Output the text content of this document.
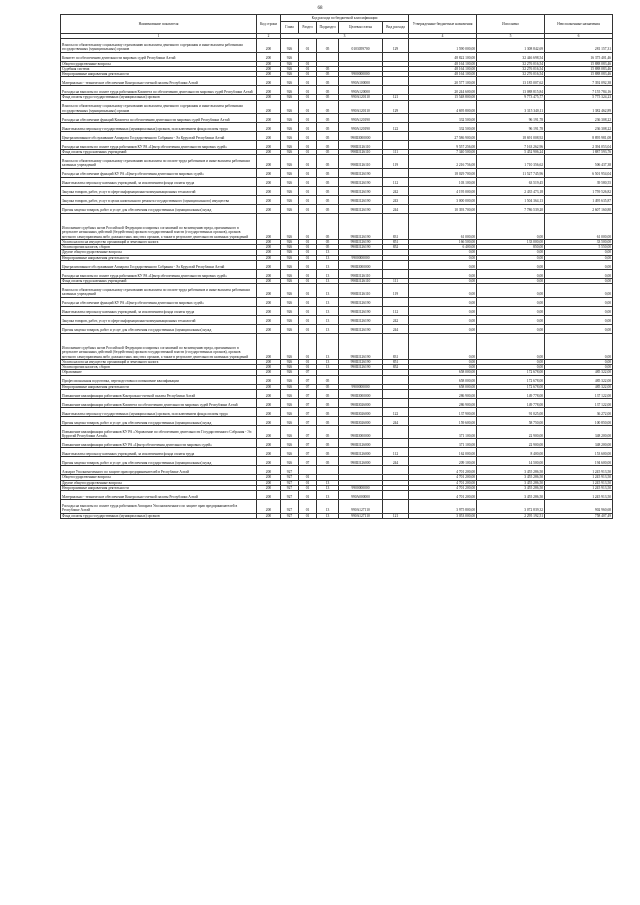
68
Наименование показателя	Код строки	Код расхода по бюджетной классификации					Утвержденные бюджетные назначения	Исполнено	Неисполненные назначения
		Глава	Раздел	Подраздел	Целевая статья	Вид расхода			
1	2	3					4	5	6
Взносы по обязательному социальному страхованию на выплаты денежного содержания и иные выплаты работникам государственных (муниципальных) органов	200	926	01	05	0103059700	129	1 590 000,00	1 308 842,69	281 157,31
Комитет по обеспечению деятельности мировых судей Республики Алтай	200	926					48 822 100,00	32 446 698,54	16 375 401,46
Общегосударственные вопросы	200	926	01				48 164 100,00	32 276 016,54	15 888 083,46
Судебная система	200	926	01	05			48 164 100,00	32 276 016,54	15 888 083,46
Непрограммные направления деятельности	200	926	01	05	9900000000		48 164 100,00	32 276 016,54	15 888 083,46
Материально - техническое обеспечение Контрольно-счетной палаты Республики Алтай	200	926	01	05	990А100000		20 577 100,00	13 185 007,62	7 392 092,38
Расходы на выплаты по оплате труда работников Комитета по обеспечению деятельности мировых судей Республики Алтай	200	926	01	05	990А120000		20 244 600,00	13 088 815,84	7 155 784,16
Фонд оплаты труда государственных (муниципальных) органов	200	926	01	05	990А120110	121	15 548 800,00	9 773 475,77	5 775 324,23
Взносы по обязательному социальному страхованию на выплаты денежного содержания и иные выплаты работникам государственных (муниципальных) органов	200	926	01	05	990А120110	129	4 695 800,00	3 315 340,11	1 382 462,89
Расходы на обеспечение функций Комитета по обеспечению деятельности мировых судей Республики Алтай	200	926	01	05	990А120190		332 500,00	96 191,78	236 308,22
Иные выплаты персоналу государственных (муниципальных) органов, за исключением фонда оплаты труда	200	926	01	05	990А120190	122	332 500,00	96 191,78	236 308,22
Централизованное обслуживание Аппарата Государственного Собрания - Эл Курултай Республики Алтай	200	926	01	05	990Ш000000		27 586 900,00	18 691 008,92	8 895 981,08
Расходы на выплаты по оплате труда работников КУ РА «Центр обеспечения деятельности мировых судей»	200	926	01	05	990Ш126110		9 557 256,00	7 163 262,96	2 394 053,04
Фонд оплаты труда казенных учреждений	200	926	01	05	990Ш126110	111	7 340 500,00	5 452 906,24	1 887 593,76
Взносы по обязательному социальному страхованию на выплаты по оплате труда работников и иные выплаты работникам казенных учреждений	200	926	01	05	990Ш126110	119	2 216 756,00	1 710 356,62	506 437,38
Расходы на обеспечение функций КУ РА «Центр обеспечения деятельности мировых судей»	200	926	01	05	990Ш126190		18 029 700,00	11 527 745,96	6 501 954,04
Иные выплаты персоналу казенных учреждений, за исключением фонда оплаты труда	200	926	01	05	990Ш126190	112	103 100,00	63 519,45	39 580,55
Закупка товаров, работ, услуг в сфере информационно-коммуникационных технологий	200	926	01	05	990Ш126190	242	4 195 000,00	2 435 473,18	1 759 526,82
Закупка товаров, работ, услуг в целях капитального ремонта государственного (муниципального) имущества	200	926	01	05	990Ш126190	243	3 000 000,00	1 504 364,13	1 495 635,87
Прочая закупка товаров, работ и услуг для обеспечения государственных (муниципальных) нужд	200	926	01	05	990Ш126190	244	10 393 700,00	7 786 539,20	2 607 160,80
Исполнение судебных актов Российской Федерации и мировых соглашений по возмещению вреда, причиненного в результате незаконных действий (бездействия) органов государственной власти (государственных органов), органов местного самоуправления либо должностных лиц этих органов, а также в результате деятельности казенных учреждений	200	926	01	05	990Ш126190	831	61 000,00	0,00	61 000,00
Уплата налога на имущество организаций и земельного налога	200	926	01	05	990Ш126190	851	166 500,00	133 000,00	33 500,00
Уплата прочих налогов, сборов	200	926	01	05	990Ш126190	852	6 400,00	850,00	5 550,00
Другие общегосударственные вопросы	200	926	01	13			0,00	0,00	0,00
Непрограммные направления деятельности	200	926	01	13	9900000000		0,00	0,00	0,00
Централизованное обслуживание Аппарата Государственного Собрания - Эл Курултай Республики Алтай	200	926	01	13	990Ш000000		0,00	0,00	0,00
Расходы на выплаты по оплате труда работников КУ РА «Центр обеспечения деятельности мировых судей»	200	926	01	13	990Ш126110		0,00	0,00	0,00
Фонд оплаты труда казенных учреждений	200	926	01	13	990Ш126110	111	0,00	0,00	0,00
Взносы по обязательному социальному страхованию на выплаты по оплате труда работников и иные выплаты работникам казенных учреждений	200	926	01	13	990Ш126110	119	0,00	0,00	0,00
Расходы на обеспечение функций КУ РА «Центр обеспечения деятельности мировых судей»	200	926	01	13	990Ш126190		0,00	0,00	0,00
Иные выплаты персоналу казенных учреждений, за исключением фонда оплаты труда	200	926	01	13	990Ш126190	112	0,00	0,00	0,00
Закупка товаров, работ, услуг в сфере информационно-коммуникационных технологий	200	926	01	13	990Ш126190	242	0,00	0,00	0,00
Прочая закупка товаров, работ и услуг для обеспечения государственных (муниципальных) нужд	200	926	01	13	990Ш126190	244	0,00	0,00	0,00
Исполнение судебных актов Российской Федерации и мировых соглашений по возмещению вреда, причиненного в результате незаконных действий (бездействия) органов государственной власти (государственных органов), органов местного самоуправления либо должностных лиц этих органов, а также в результате деятельности казенных учреждений	200	926	01	13	990Ш126190	831	0,00	0,00	0,00
Уплата налога на имущество организаций и земельного налога	200	926	01	13	990Ш126190	851	0,00	0,00	0,00
Уплата прочих налогов, сборов	200	926	01	13	990Ш126190	852	0,00	0,00	0,00
Образование	200	926	07				658 000,00	172 678,00	485 322,00
Профессиональная подготовка, переподготовка и повышение квалификации	200	926	07	05			658 000,00	172 678,00	485 322,00
Непрограммные направления деятельности	200	926	07	05	9900000000		658 000,00	172 678,00	485 322,00
Повышение квалификации работников Контрольно-счетной палаты Республики Алтай	200	926	07	05	990Ш000000		286 900,00	149 778,00	137 122,00
Повышение квалификации работников Комитета по обеспечению деятельности мировых судей Республики Алтай	200	926	07	05	990Ш026000		286 900,00	149 778,00	137 122,00
Иные выплаты персоналу государственных (муниципальных) органов, за исключением фонда оплаты труда	200	926	07	05	990Ш026000	122	137 900,00	91 025,00	36 272,00
Прочая закупка товаров, работ и услуг для обеспечения государственных (муниципальных) нужд	200	926	07	05	990Ш026000	244	159 600,00	58 750,00	100 850,00
Повышение квалификации работников КУ РА «Управление по обеспечению деятельности Государственного Собрания - Эл Курултай Республики Алтай»	200	926	07	05	990Ш000000		371 100,00	22 900,00	348 200,00
Повышение квалификации работников КУ РА «Центр обеспечения деятельности мировых судей»	200	926	07	05	990Ш126000		371 100,00	22 900,00	348 200,00
Иные выплаты персоналу казенных учреждений, за исключением фонда оплаты труда	200	926	07	05	990Ш126000	112	162 000,00	8 400,00	153 600,00
Прочая закупка товаров, работ и услуг для обеспечения государственных (муниципальных) нужд	200	926	07	05	990Ш126000	244	209 100,00	14 500,00	194 600,00
Аппарат Уполномоченного по защите прав предпринимателей в Республике Алтай	200	927					4 701 200,00	3 455 286,50	1 245 913,50
Общегосударственные вопросы	200	927	01				4 701 200,00	3 455 286,50	1 245 913,50
Другие общегосударственные вопросы	200	927	01	13			4 701 200,00	3 455 286,50	1 245 913,50
Непрограммные направления деятельности	200	927	01	13	9900000000		4 701 200,00	3 455 286,50	1 245 913,50
Материально - техническое обеспечение Контрольно-счетной палаты Республики Алтай	200	927	01	13	990А000000		4 701 200,00	3 455 286,50	1 245 913,50
Расходы на выплаты по оплате труда работников Аппарата Уполномоченного по защите прав предпринимателей в Республике Алтай	200	927	01	13	990А127110		3 975 800,00	3 072 839,32	902 960,68
Фонд оплаты труда государственных (муниципальных) органов	200	927	01	13	990А127110	121	3 053 000,00	2 295 192,51	758 407,49
